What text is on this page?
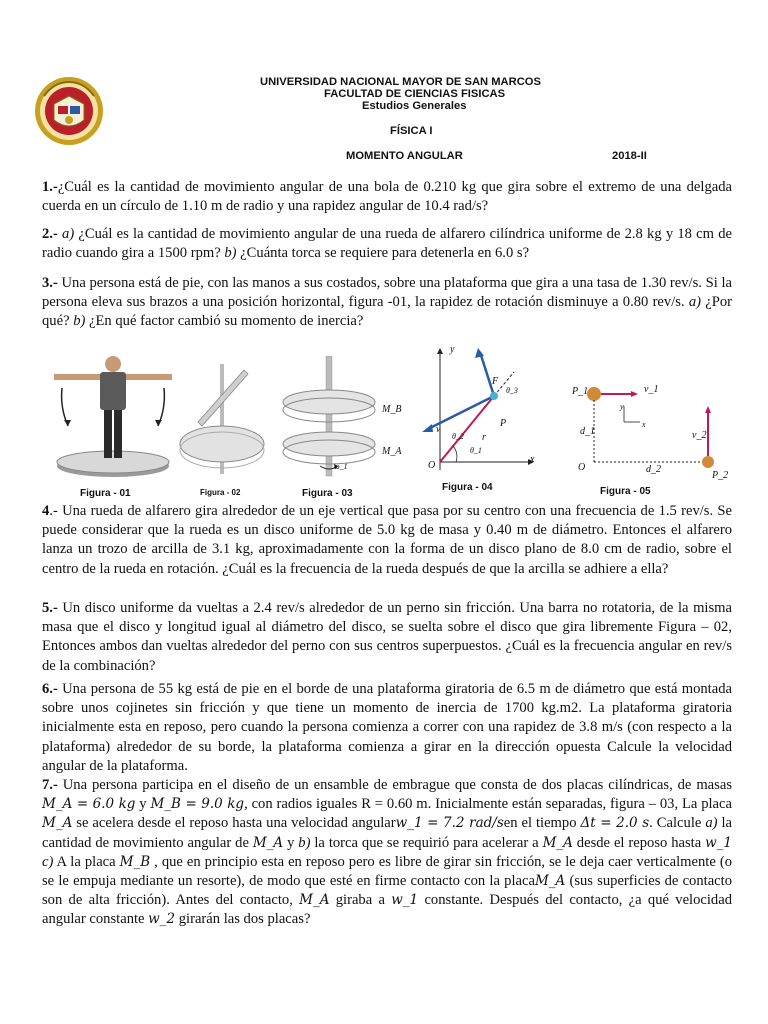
UNIVERSIDAD NACIONAL MAYOR DE SAN MARCOS
FACULTAD DE CIENCIAS FISICAS
Estudios Generales
FÍSICA I
MOMENTO ANGULAR	2018-II

1.-¿Cuál es la cantidad de movimiento angular de una bola de 0.210 kg que gira sobre el extremo de una delgada cuerda en un círculo de 1.10 m de radio y una rapidez angular de 10.4 rad/s?

2.- a) ¿Cuál es la cantidad de movimiento angular de una rueda de alfarero cilíndrica uniforme de 2.8 kg y 18 cm de radio cuando gira a 1500 rpm? b) ¿Cuánta torca se requiere para detenerla en 6.0 s?

3.- Una persona está de pie, con las manos a sus costados, sobre una plataforma que gira a una tasa de 1.30 rev/s. Si la persona eleva sus brazos a una posición horizontal, figura -01, la rapidez de rotación disminuye a 0.80 rev/s. a) ¿Por qué? b) ¿En qué factor cambió su momento de inercia?

M_B
M_A
ω_1
y
x
O
F
v
r
P
θ_1
θ_2
θ_3	P_1	v_1
y
x
d_1	v_2
O	d_2
P_2
Figura - 01	Figura - 02	Figura - 03
Figura - 04	Figura - 05

4.- Una rueda de alfarero gira alrededor de un eje vertical que pasa por su centro con una frecuencia de 1.5 rev/s. Se puede considerar que la rueda es un disco uniforme de 5.0 kg de masa y 0.40 m de diámetro. Entonces el alfarero lanza un trozo de arcilla de 3.1 kg, aproximadamente con la forma de un disco plano de 8.0 cm de radio, sobre el centro de la rueda en rotación. ¿Cuál es la frecuencia de la rueda después de que la arcilla se adhiere a ella?

5.- Un disco uniforme da vueltas a 2.4 rev/s alrededor de un perno sin fricción. Una barra no rotatoria, de la misma masa que el disco y longitud igual al diámetro del disco, se suelta sobre el disco que gira libremente Figura – 02, Entonces ambos dan vueltas alrededor del perno con sus centros superpuestos. ¿Cuál es la frecuencia angular en rev/s de la combinación?

6.- Una persona de 55 kg está de pie en el borde de una plataforma giratoria de 6.5 m de diámetro que está montada sobre unos cojinetes sin fricción y que tiene un momento de inercia de 1700 kg.m2. La plataforma giratoria inicialmente esta en reposo, pero cuando la persona comienza a correr con una rapidez de 3.8 m/s (con respecto a la plataforma) alrededor de su borde, la plataforma comienza a girar en la dirección opuesta Calcule la velocidad angular de la plataforma.

7.- Una persona participa en el diseño de un ensamble de embrague que consta de dos placas cilíndricas, de masas M_A = 6.0 kg y M_B = 9.0 kg, con radios iguales R = 0.60 m. Inicialmente están separadas, figura – 03, La placa M_A se acelera desde el reposo hasta una velocidad angularw_1 = 7.2 rad/sen el tiempo Δt = 2.0 s. Calcule a) la cantidad de movimiento angular de M_A y b) la torca que se requirió para acelerar a M_A desde el reposo hasta w_1 c) A la placa M_B , que en principio esta en reposo pero es libre de girar sin fricción, se le deja caer verticalmente (o se le empuja mediante un resorte), de modo que esté en firme contacto con la placaM_A (sus superficies de contacto son de alta fricción). Antes del contacto, M_A giraba a w_1 constante. Después del contacto, ¿a qué velocidad angular constante w_2 girarán las dos placas?
